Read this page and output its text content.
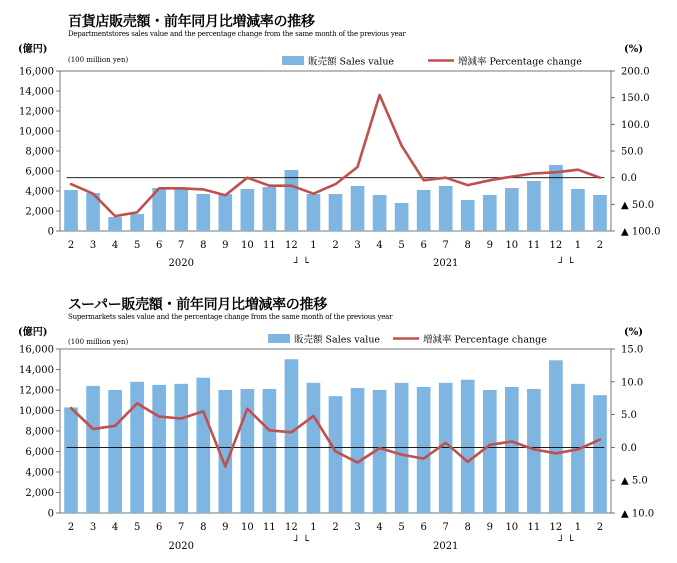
百貨店販売額・前年同月比増減率の推移
Departmentstores sales value and the percentage change from the same month of the previous year
0
2,000
4,000
6,000
8,000
10,000
12,000
14,000
16,000
▲ 100.0
▲ 50.0
0.0
50.0
100.0
150.0
200.0
(億円)
(100 million yen)
(%)
2 3 4 5 6 7 8 9 10 11 12 1 2 3 4 5 6 7 8 9 10 11 12 1 2
2020	2021
┘ └	┘ └
販売額 Sales value	増減率 Percentage change
スーパー販売額・前年同月比増減率の推移
Supermarkets sales value and the percentage change from the same month of the previous year
0
2,000
4,000
6,000
8,000
10,000
12,000
14,000
16,000
▲ 10.0
▲ 5.0
0.0
5.0
10.0
15.0
(億円)
(100 million yen)
(%)
2 3 4 5 6 7 8 9 10 11 12 1 2 3 4 5 6 7 8 9 10 11 12 1 2
2020	2021
┘ └	┘ └
販売額 Sales value	増減率 Percentage change
